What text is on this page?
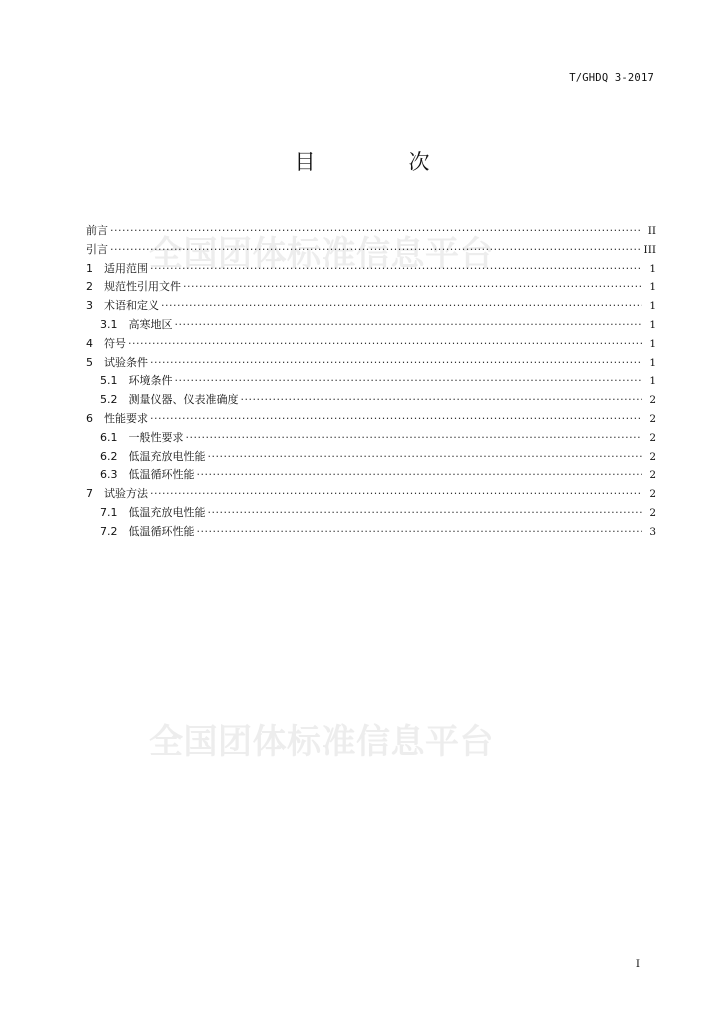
T/GHDQ 3-2017
目　次
全国团体标准信息平台
全国团体标准信息平台
前言 ·····	II
引言 ·····	III
1 适用范围 ·····	1
2 规范性引用文件 ·····	1
3 术语和定义 ·····	1
3.1 高寒地区 ·····	1
4 符号 ·····	1
5 试验条件 ·····	1
5.1 环境条件 ·····	1
5.2 测量仪器、仪表准确度 ·····	2
6 性能要求 ·····	2
6.1 一般性要求 ·····	2
6.2 低温充放电性能 ·····	2
6.3 低温循环性能 ·····	2
7 试验方法 ·····	2
7.1 低温充放电性能 ·····	2
7.2 低温循环性能 ·····	3
I
